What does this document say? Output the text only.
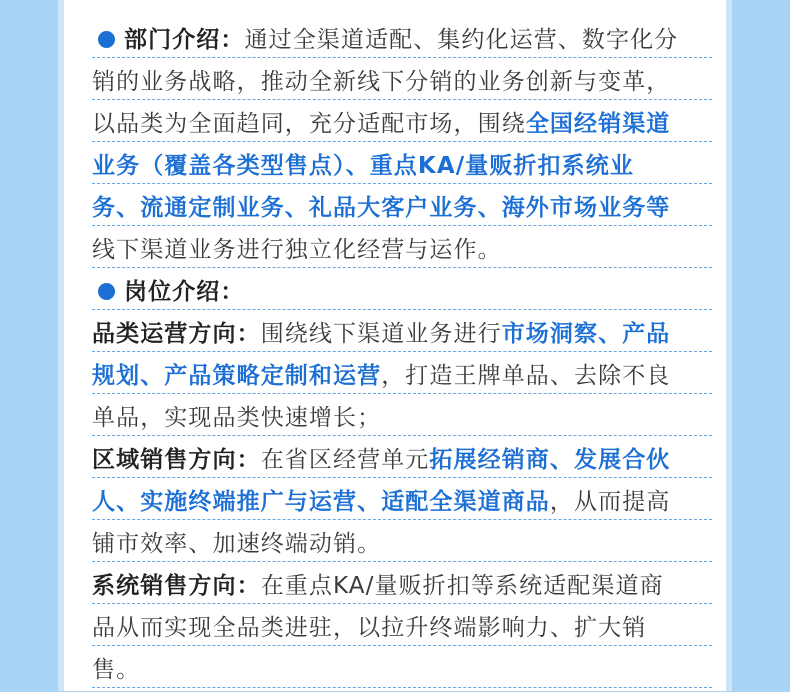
部门介绍：通过全渠道适配、集约化运营、数字化分
销的业务战略，推动全新线下分销的业务创新与变革，
以品类为全面趋同，充分适配市场，围绕全国经销渠道
业务（覆盖各类型售点）、重点KA/量贩折扣系统业
务、流通定制业务、礼品大客户业务、海外市场业务等
线下渠道业务进行独立化经营与运作。
岗位介绍：
品类运营方向：围绕线下渠道业务进行市场洞察、产品
规划、产品策略定制和运营，打造王牌单品、去除不良
单品，实现品类快速增长；
区域销售方向：在省区经营单元拓展经销商、发展合伙
人、实施终端推广与运营、适配全渠道商品，从而提高
铺市效率、加速终端动销。
系统销售方向：在重点KA/量贩折扣等系统适配渠道商
品从而实现全品类进驻，以拉升终端影响力、扩大销
售。
